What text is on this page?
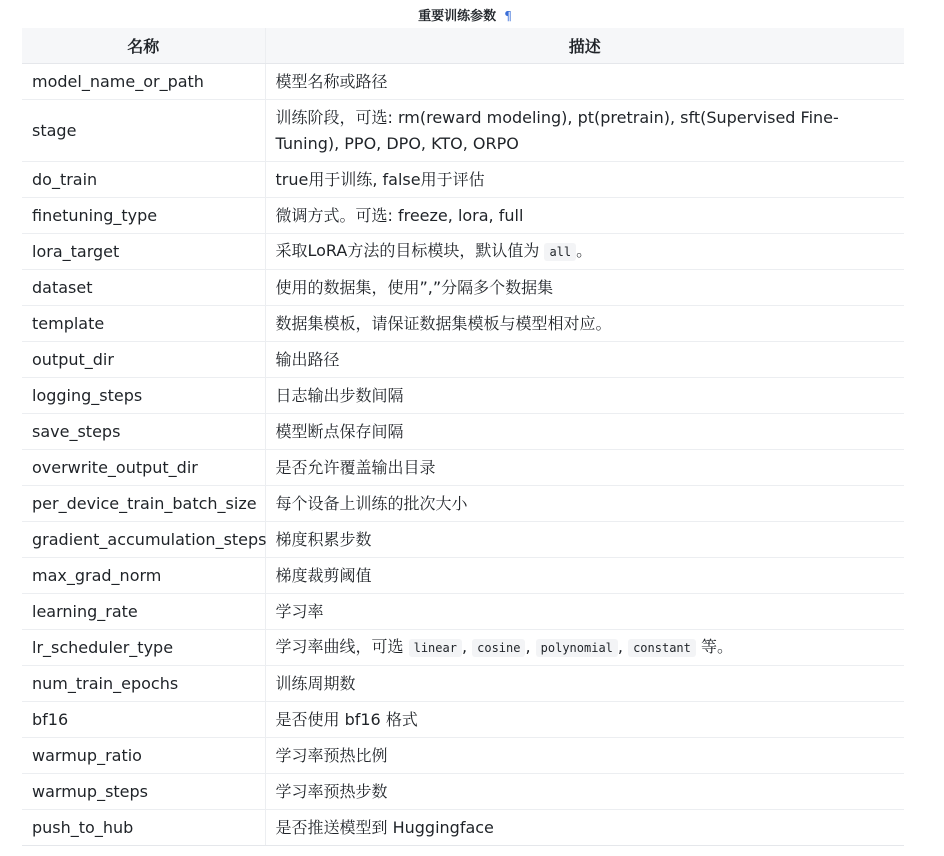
重要训练参数 ¶
名称	描述
model_name_or_path	模型名称或路径
stage	训练阶段，可选: rm(reward modeling), pt(pretrain), sft(Supervised Fine-Tuning), PPO, DPO, KTO, ORPO
do_train	true用于训练, false用于评估
finetuning_type	微调方式。可选: freeze, lora, full
lora_target	采取LoRA方法的目标模块，默认值为 all 。
dataset	使用的数据集，使用”,”分隔多个数据集
template	数据集模板，请保证数据集模板与模型相对应。
output_dir	输出路径
logging_steps	日志输出步数间隔
save_steps	模型断点保存间隔
overwrite_output_dir	是否允许覆盖输出目录
per_device_train_batch_size	每个设备上训练的批次大小
gradient_accumulation_steps	梯度积累步数
max_grad_norm	梯度裁剪阈值
learning_rate	学习率
lr_scheduler_type	学习率曲线，可选 linear , cosine , polynomial , constant 等。
num_train_epochs	训练周期数
bf16	是否使用 bf16 格式
warmup_ratio	学习率预热比例
warmup_steps	学习率预热步数
push_to_hub	是否推送模型到 Huggingface
